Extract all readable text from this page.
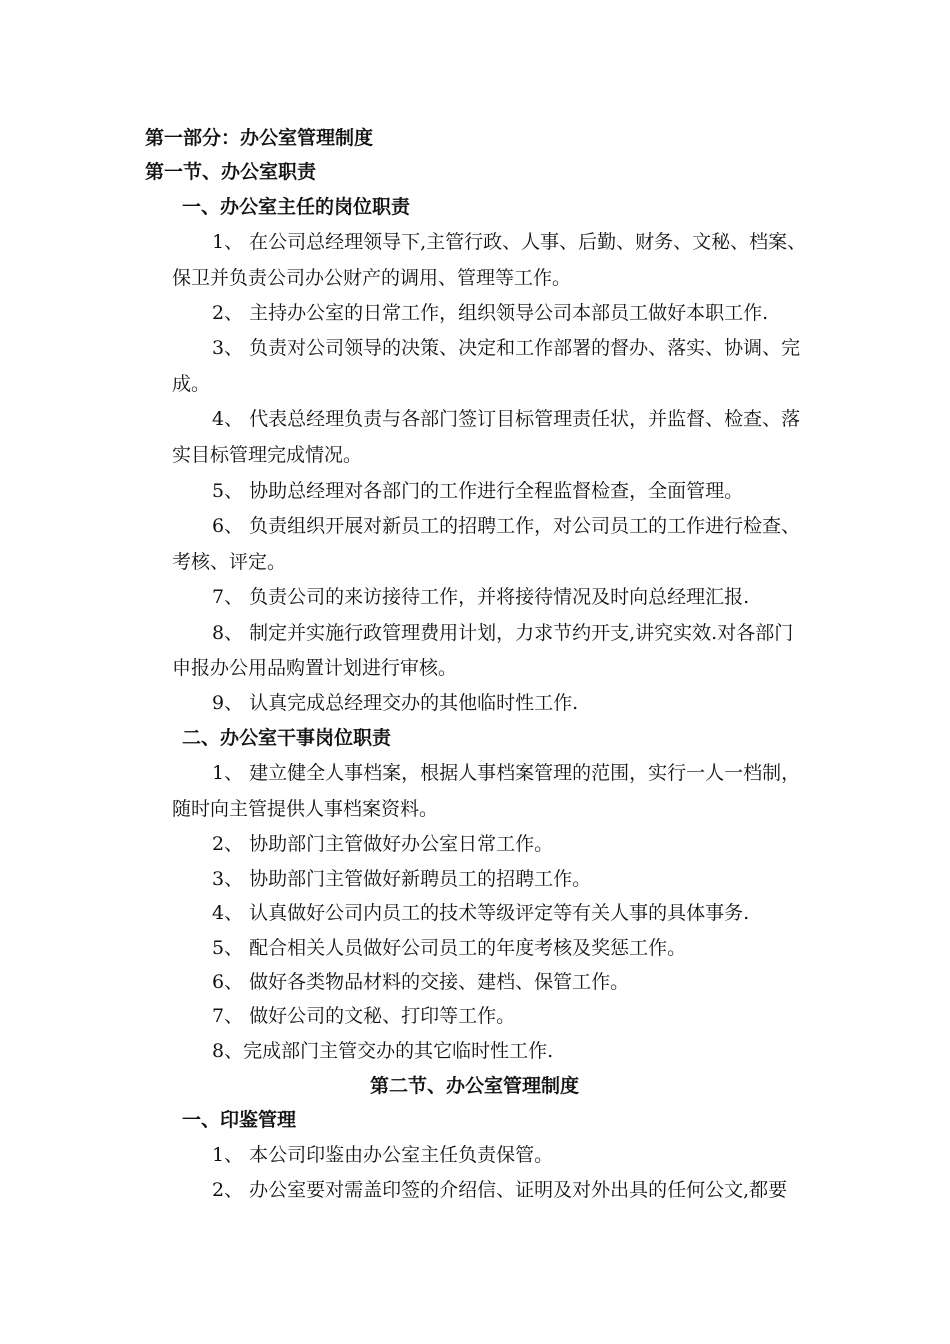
第一部分：办公室管理制度
第一节、办公室职责
一、办公室主任的岗位职责
1、 在公司总经理领导下,主管行政、人事、后勤、财务、文秘、档案、
保卫并负责公司办公财产的调用、管理等工作。
2、 主持办公室的日常工作，组织领导公司本部员工做好本职工作.
3、 负责对公司领导的决策、决定和工作部署的督办、落实、协调、完
成。
4、 代表总经理负责与各部门签订目标管理责任状，并监督、检查、落
实目标管理完成情况。
5、 协助总经理对各部门的工作进行全程监督检查，全面管理。
6、 负责组织开展对新员工的招聘工作，对公司员工的工作进行检查、
考核、评定。
7、 负责公司的来访接待工作，并将接待情况及时向总经理汇报.
8、 制定并实施行政管理费用计划，力求节约开支,讲究实效.对各部门
申报办公用品购置计划进行审核。
9、 认真完成总经理交办的其他临时性工作.
二、办公室干事岗位职责
1、 建立健全人事档案，根据人事档案管理的范围，实行一人一档制，
随时向主管提供人事档案资料。
2、 协助部门主管做好办公室日常工作。
3、 协助部门主管做好新聘员工的招聘工作。
4、 认真做好公司内员工的技术等级评定等有关人事的具体事务.
5、 配合相关人员做好公司员工的年度考核及奖惩工作。
6、 做好各类物品材料的交接、建档、保管工作。
7、 做好公司的文秘、打印等工作。
8、完成部门主管交办的其它临时性工作.
第二节、办公室管理制度
一、印鉴管理
1、 本公司印鉴由办公室主任负责保管。
2、 办公室要对需盖印签的介绍信、证明及对外出具的任何公文,都要
